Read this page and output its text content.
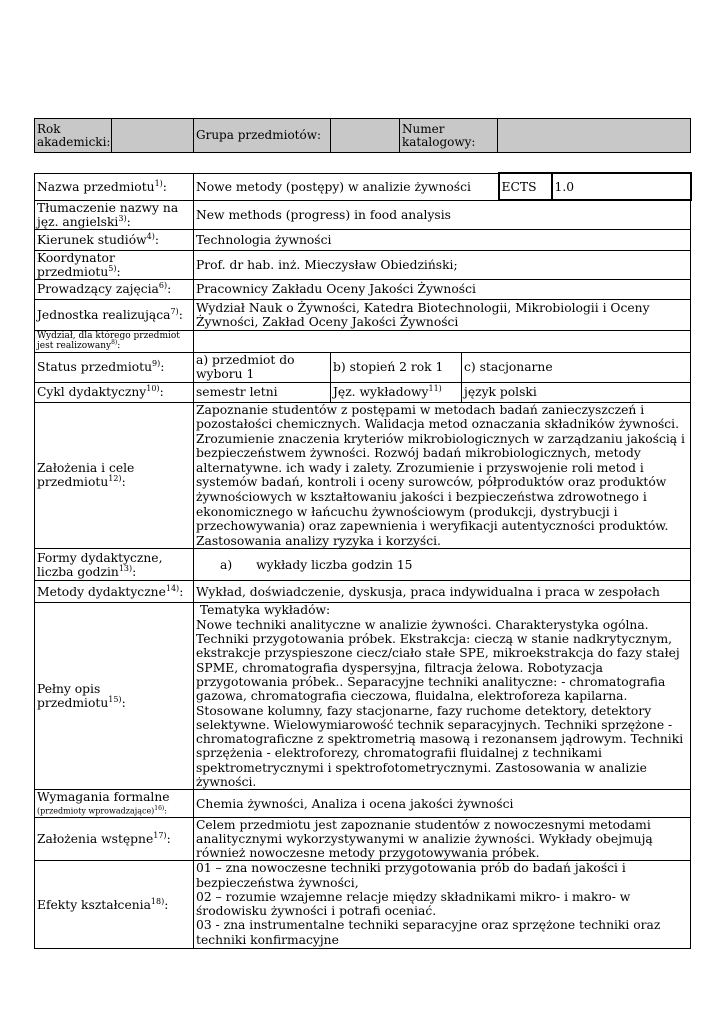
Rok akademicki:		Grupa przedmiotów:		Numer katalogowy:	
Nazwa przedmiotu$^{1)}$:	Nowe metody (postępy) w analizie żywności			ECTS	1.0
Tłumaczenie nazwy na jęz. angielski$^{3)}$:	New methods (progress) in food analysis				
Kierunek studiów$^{4)}$:	Technologia żywności				
Koordynator przedmiotu$^{5)}$:	Prof. dr hab. inż. Mieczysław Obiedziński;				
Prowadzący zajęcia$^{6)}$:	Pracownicy Zakładu Oceny Jakości Żywności				
Jednostka realizująca$^{7)}$:	Wydział Nauk o Żywności, Katedra Biotechnologii, Mikrobiologii i Oceny Żywności, Zakład Oceny Jakości Żywności				
Wydział, dla którego przedmiot jest realizowany$^{8)}$:					
Status przedmiotu$^{9)}$:	a) przedmiot do wyboru 1	b) stopień 2 rok 1	c) stacjonarne		
Cykl dydaktyczny$^{10)}$:	semestr letni	Jęz. wykładowy$^{11)}$	język polski		
Założenia i cele przedmiotu$^{12)}$:	Zapoznanie studentów z postępami w metodach badań zanieczyszczeń i pozostałości chemicznych. Walidacja metod oznaczania składników żywności. Zrozumienie znaczenia kryteriów mikrobiologicznych w zarządzaniu jakością i bezpieczeństwem żywności. Rozwój badań mikrobiologicznych, metody alternatywne. ich wady i zalety. Zrozumienie i przyswojenie roli metod i systemów badań, kontroli i oceny surowców, półproduktów oraz produktów żywnościowych w kształtowaniu jakości i bezpieczeństwa zdrowotnego i ekonomicznego w łańcuchu żywnościowym (produkcji, dystrybucji i przechowywania) oraz zapewnienia i weryfikacji autentyczności produktów. Zastosowania analizy ryzyka i korzyści.				
Formy dydaktyczne, liczba godzin$^{13)}$:	a) wykłady liczba godzin 15				
Metody dydaktyczne$^{14)}$:	Wykład, doświadczenie, dyskusja, praca indywidualna i praca w zespołach				
Pełny opis przedmiotu$^{15)}$:	Tematyka wykładów:
Nowe techniki analityczne w analizie żywności. Charakterystyka ogólna. Techniki przygotowania próbek. Ekstrakcja: cieczą w stanie nadkrytycznym, ekstrakcje przyspieszone ciecz/ciało stałe SPE, mikroekstrakcja do fazy stałej SPME, chromatografia dyspersyjna, filtracja żelowa. Robotyzacja przygotowania próbek.. Separacyjne techniki analityczne: - chromatografia gazowa, chromatografia cieczowa, fluidalna, elektroforeza kapilarna. Stosowane kolumny, fazy stacjonarne, fazy ruchome detektory, detektory selektywne. Wielowymiarowość technik separacyjnych. Techniki sprzężone - chromatograficzne z spektrometrią masową i rezonansem jądrowym. Techniki sprzężenia - elektroforezy, chromatografii fluidalnej z technikami spektrometrycznymi i spektrofotometrycznymi. Zastosowania w analizie żywności.				

Wymagania formalne
(przedmioty wprowadzające)$^{16)}$:	Chemia żywności, Analiza i ocena jakości żywności				
Założenia wstępne$^{17)}$:	Celem przedmiotu jest zapoznanie studentów z nowoczesnymi metodami analitycznymi wykorzystywanymi w analizie żywności. Wykłady obejmują również nowoczesne metody przygotowywania próbek.				
Efekty kształcenia$^{18)}$:	01 – zna nowoczesne techniki przygotowania prób do badań jakości i bezpieczeństwa żywności,
02 – rozumie wzajemne relacje między składnikami mikro- i makro- w środowisku żywności i potrafi oceniać.
03 - zna instrumentalne techniki separacyjne oraz sprzężone techniki oraz techniki konfirmacyjne				
